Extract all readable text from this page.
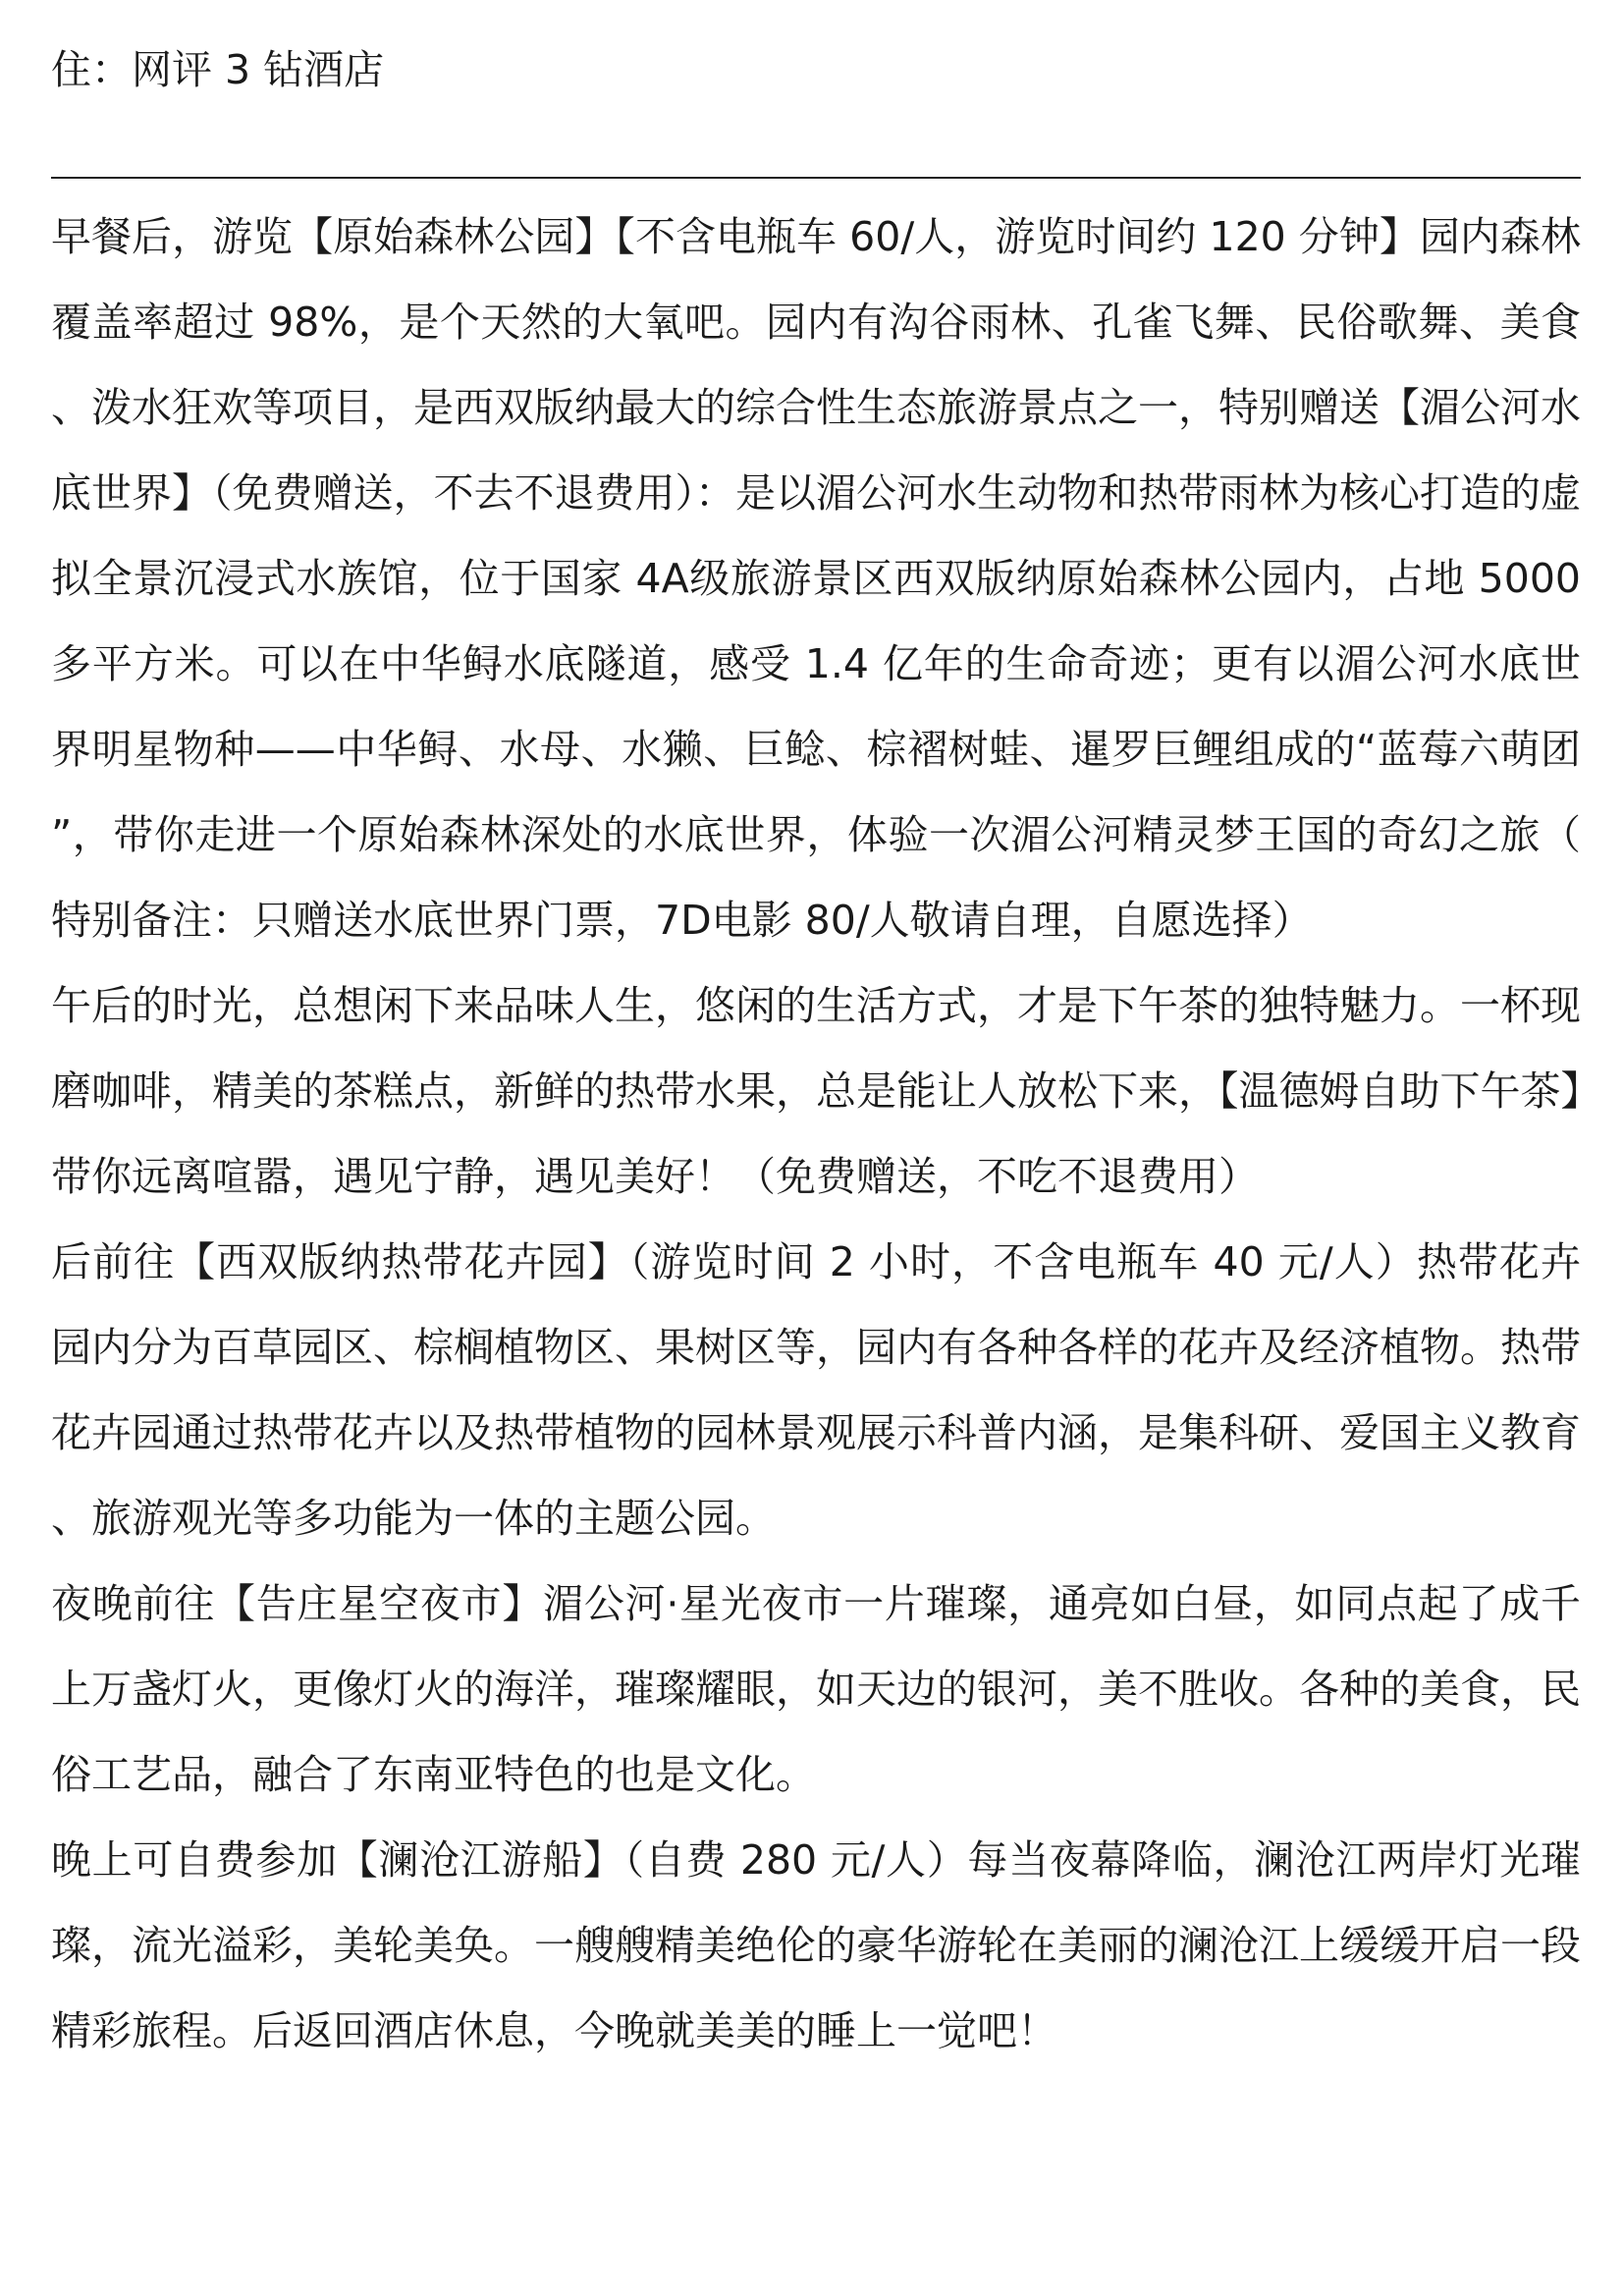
住：网评 3 钻酒店

早餐后，游览【原始森林公园】【不含电瓶车 60/人，游览时间约 120 分钟】园内森林覆盖率超过 98%，是个天然的大氧吧。园内有沟谷雨林、孔雀飞舞、民俗歌舞、美食、泼水狂欢等项目，是西双版纳最大的综合性生态旅游景点之一，特别赠送【湄公河水底世界】（免费赠送，不去不退费用）：是以湄公河水生动物和热带雨林为核心打造的虚拟全景沉浸式水族馆，位于国家 4A级旅游景区西双版纳原始森林公园内，占地 5000 多平方米。可以在中华鲟水底隧道，感受 1.4 亿年的生命奇迹；更有以湄公河水底世界明星物种——中华鲟、水母、水獭、巨鲶、棕褶树蛙、暹罗巨鲤组成的“蓝莓六萌团”，带你走进一个原始森林深处的水底世界，体验一次湄公河精灵梦王国的奇幻之旅（特别备注：只赠送水底世界门票，7D电影 80/人敬请自理，自愿选择）

午后的时光，总想闲下来品味人生，悠闲的生活方式，才是下午茶的独特魅力。一杯现磨咖啡，精美的茶糕点，新鲜的热带水果，总是能让人放松下来，【温德姆自助下午茶】带你远离喧嚣，遇见宁静，遇见美好！（免费赠送，不吃不退费用）

后前往【西双版纳热带花卉园】（游览时间 2 小时，不含电瓶车 40 元/人）热带花卉园内分为百草园区、棕榈植物区、果树区等，园内有各种各样的花卉及经济植物。热带花卉园通过热带花卉以及热带植物的园林景观展示科普内涵，是集科研、爱国主义教育、旅游观光等多功能为一体的主题公园。

夜晚前往【告庄星空夜市】湄公河·星光夜市一片璀璨，通亮如白昼，如同点起了成千上万盏灯火，更像灯火的海洋，璀璨耀眼，如天边的银河，美不胜收。各种的美食，民俗工艺品，融合了东南亚特色的也是文化。

晚上可自费参加【澜沧江游船】（自费 280 元/人）每当夜幕降临，澜沧江两岸灯光璀璨，流光溢彩，美轮美奂。一艘艘精美绝伦的豪华游轮在美丽的澜沧江上缓缓开启一段精彩旅程。后返回酒店休息，今晚就美美的睡上一觉吧！
